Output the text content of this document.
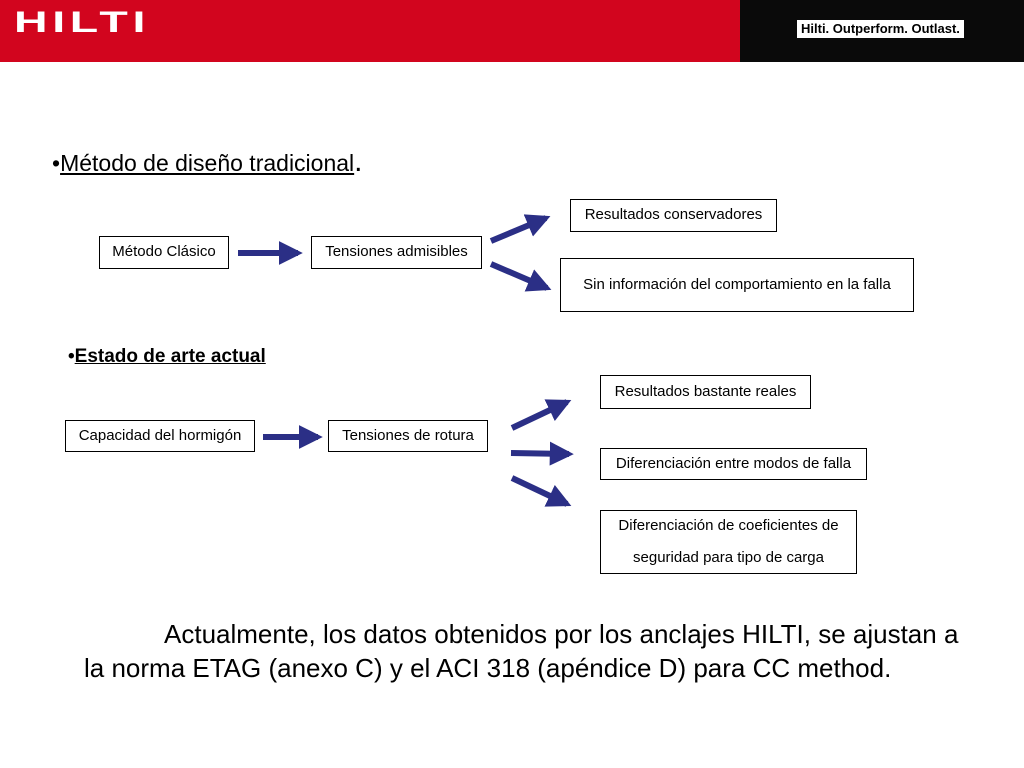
HILTI	Hilti. Outperform. Outlast.
•Método de diseño tradicional.
Método Clásico	Tensiones admisibles
Resultados conservadores
Sin información del comportamiento en la falla
•Estado de arte actual
Capacidad del hormigón	Tensiones de rotura
Resultados bastante reales
Diferenciación entre modos de falla
Diferenciación de coeficientes de seguridad para tipo de carga
Actualmente, los datos obtenidos por los anclajes HILTI, se ajustan a la norma ETAG (anexo C) y el ACI 318 (apéndice D) para CC method.
